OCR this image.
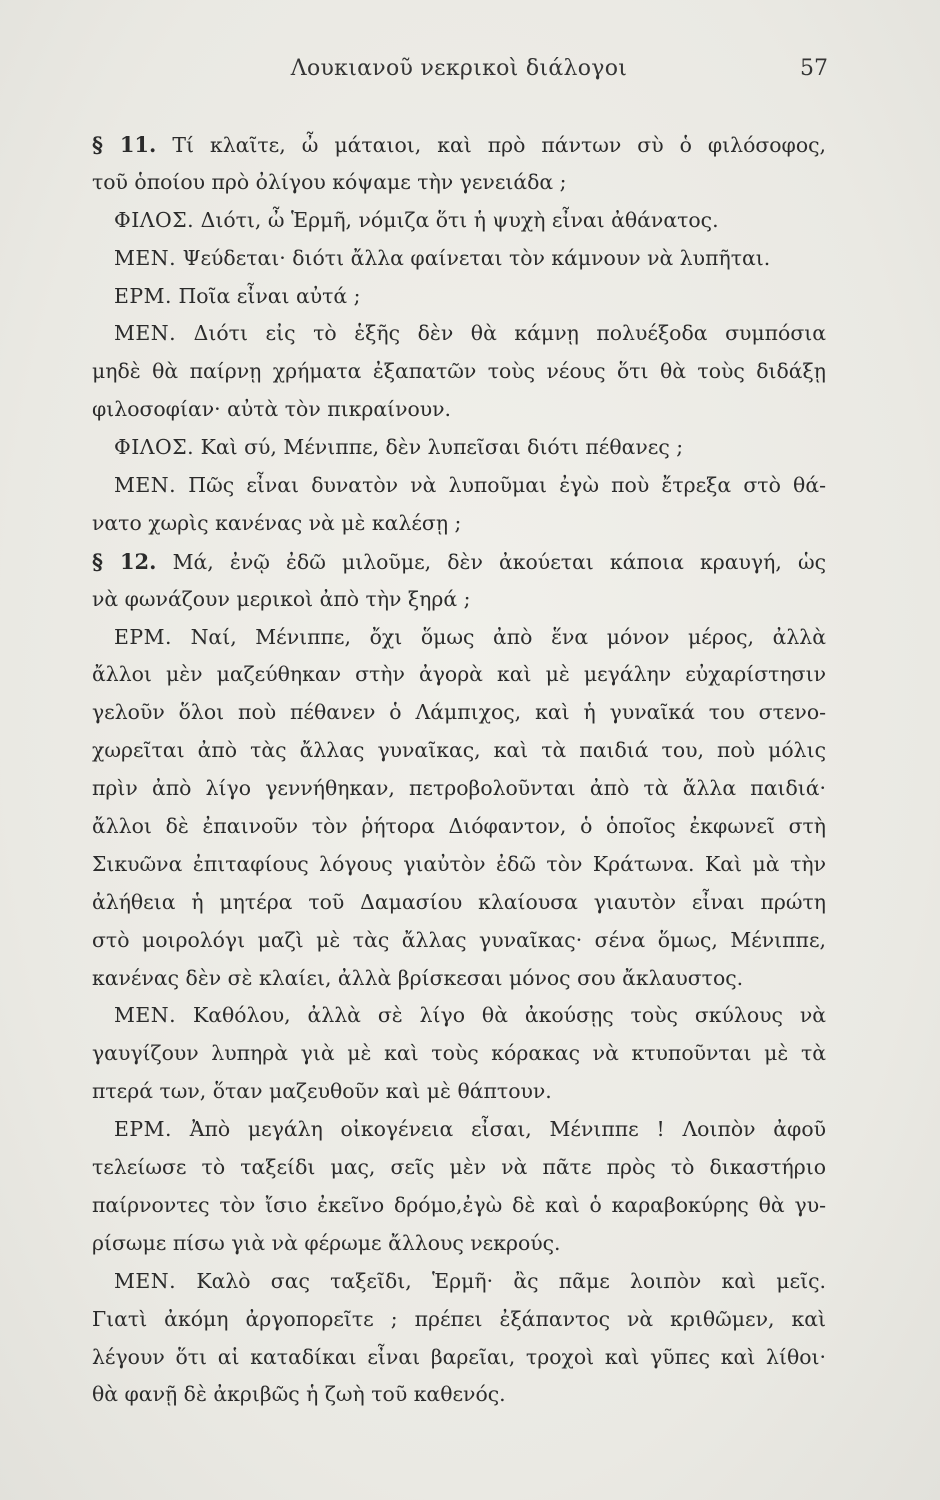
Λουκιανοῦ νεκρικοὶ διάλογοι	57
§ 11. Τί κλαῖτε, ὦ μάταιοι, καὶ πρὸ πάντων σὺ ὁ φιλόσοφος,
τοῦ ὁποίου πρὸ ὀλίγου κόψαμε τὴν γενειάδα ;
ΦΙΛΟΣ. Διότι, ὦ Ἑρμῆ, νόμιζα ὅτι ἡ ψυχὴ εἶναι ἀθάνατος.
ΜΕΝ. Ψεύδεται· διότι ἄλλα φαίνεται τὸν κάμνουν νὰ λυπῆται.
ΕΡΜ. Ποῖα εἶναι αὐτά ;
ΜΕΝ. Διότι εἰς τὸ ἑξῆς δὲν θὰ κάμνῃ πολυέξοδα συμπόσια
μηδὲ θὰ παίρνῃ χρήματα ἐξαπατῶν τοὺς νέους ὅτι θὰ τοὺς διδάξῃ
φιλοσοφίαν· αὐτὰ τὸν πικραίνουν.
ΦΙΛΟΣ. Καὶ σύ, Μένιππε, δὲν λυπεῖσαι διότι πέθανες ;
ΜΕΝ. Πῶς εἶναι δυνατὸν νὰ λυποῦμαι ἐγὼ ποὺ ἔτρεξα στὸ θά-
νατο χωρὶς κανένας νὰ μὲ καλέσῃ ;
§ 12. Μά, ἐνῷ ἐδῶ μιλοῦμε, δὲν ἀκούεται κάποια κραυγή, ὡς
νὰ φωνάζουν μερικοὶ ἀπὸ τὴν ξηρά ;
ΕΡΜ. Ναί, Μένιππε, ὄχι ὅμως ἀπὸ ἕνα μόνον μέρος, ἀλλὰ
ἄλλοι μὲν μαζεύθηκαν στὴν ἀγορὰ καὶ μὲ μεγάλην εὐχαρίστησιν
γελοῦν ὅλοι ποὺ πέθανεν ὁ Λάμπιχος, καὶ ἡ γυναῖκά του στενο-
χωρεῖται ἀπὸ τὰς ἄλλας γυναῖκας, καὶ τὰ παιδιά του, ποὺ μόλις
πρὶν ἀπὸ λίγο γεννήθηκαν, πετροβολοῦνται ἀπὸ τὰ ἄλλα παιδιά·
ἄλλοι δὲ ἐπαινοῦν τὸν ῥήτορα Διόφαντον, ὁ ὁποῖος ἐκφωνεῖ στὴ
Σικυῶνα ἐπιταφίους λόγους γιαὐτὸν ἐδῶ τὸν Κράτωνα. Καὶ μὰ τὴν
ἀλήθεια ἡ μητέρα τοῦ Δαμασίου κλαίουσα γιαυτὸν εἶναι πρώτη
στὸ μοιρολόγι μαζὶ μὲ τὰς ἄλλας γυναῖκας· σένα ὅμως, Μένιππε,
κανένας δὲν σὲ κλαίει, ἀλλὰ βρίσκεσαι μόνος σου ἄκλαυστος.
ΜΕΝ. Καθόλου, ἀλλὰ σὲ λίγο θὰ ἀκούσῃς τοὺς σκύλους νὰ
γαυγίζουν λυπηρὰ γιὰ μὲ καὶ τοὺς κόρακας νὰ κτυποῦνται μὲ τὰ
πτερά των, ὅταν μαζευθοῦν καὶ μὲ θάπτουν.
ΕΡΜ. Ἀπὸ μεγάλη οἰκογένεια εἶσαι, Μένιππε ! Λοιπὸν ἀφοῦ
τελείωσε τὸ ταξείδι μας, σεῖς μὲν νὰ πᾶτε πρὸς τὸ δικαστήριο
παίρνοντες τὸν ἴσιο ἐκεῖνο δρόμο,ἐγὼ δὲ καὶ ὁ καραβοκύρης θὰ γυ-
ρίσωμε πίσω γιὰ νὰ φέρωμε ἄλλους νεκρούς.
ΜΕΝ. Καλὸ σας ταξεῖδι, Ἑρμῆ· ἂς πᾶμε λοιπὸν καὶ μεῖς.
Γιατὶ ἀκόμη ἀργοπορεῖτε ; πρέπει ἐξάπαντος νὰ κριθῶμεν, καὶ
λέγουν ὅτι αἱ καταδίκαι εἶναι βαρεῖαι, τροχοὶ καὶ γῦπες καὶ λίθοι·
θὰ φανῇ δὲ ἀκριβῶς ἡ ζωὴ τοῦ καθενός.
